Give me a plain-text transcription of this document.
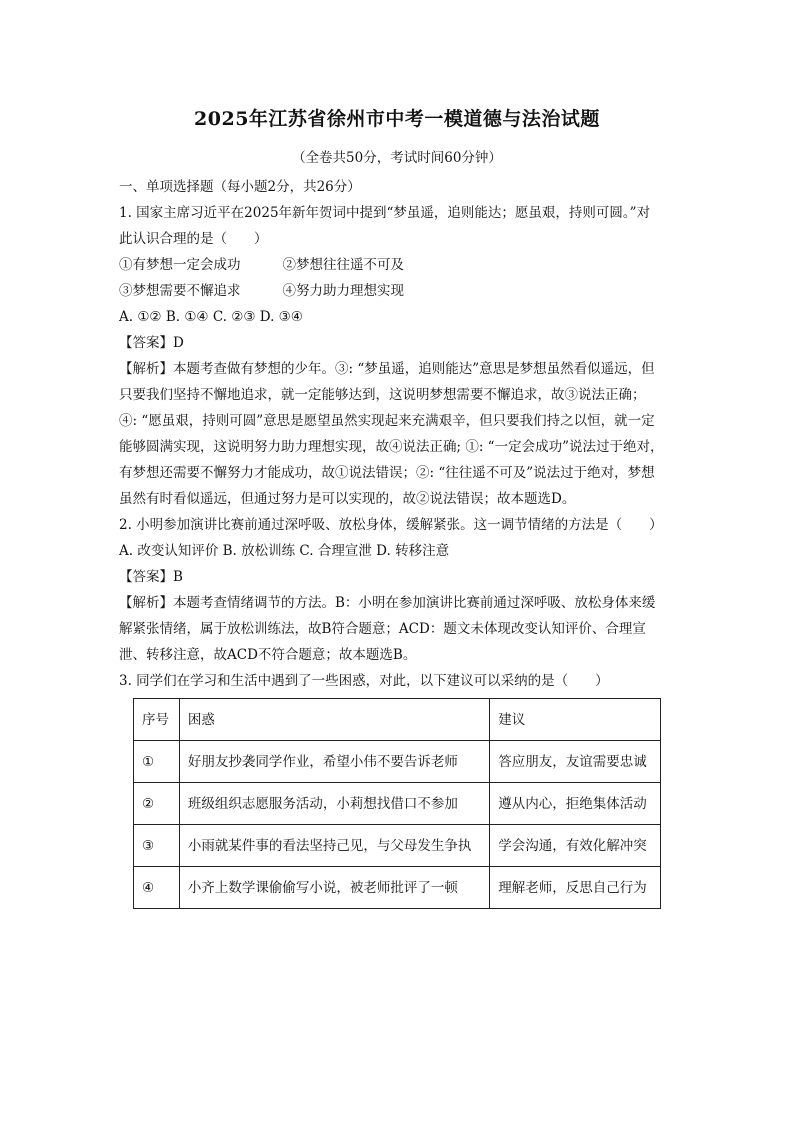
2025年江苏省徐州市中考一模道德与法治试题
（全卷共50分，考试时间60分钟）

一、单项选择题（每小题2分，共26分）

1. 国家主席习近平在2025年新年贺词中提到“梦虽遥，追则能达；愿虽艰，持则可圆。”对

此认识合理的是（　　）

①有梦想一定会成功	②梦想往往遥不可及
③梦想需要不懈追求	④努力助力理想实现

A. ①② B. ①④ C. ②③ D. ③④

【答案】D

【解析】本题考查做有梦想的少年。③: “梦虽遥，追则能达”意思是梦想虽然看似遥远，但

只要我们坚持不懈地追求，就一定能够达到，这说明梦想需要不懈追求，故③说法正确；

④: “愿虽艰，持则可圆”意思是愿望虽然实现起来充满艰辛，但只要我们持之以恒，就一定

能够圆满实现，这说明努力助力理想实现，故④说法正确; ①: “一定会成功”说法过于绝对，

有梦想还需要不懈努力才能成功，故①说法错误；②: “往往遥不可及”说法过于绝对，梦想

虽然有时看似遥远，但通过努力是可以实现的，故②说法错误；故本题选D。

2. 小明参加演讲比赛前通过深呼吸、放松身体，缓解紧张。这一调节情绪的方法是（　　）

A. 改变认知评价 B. 放松训练 C. 合理宣泄 D. 转移注意

【答案】B

【解析】本题考查情绪调节的方法。B：小明在参加演讲比赛前通过深呼吸、放松身体来缓

解紧张情绪，属于放松训练法，故B符合题意；ACD：题文未体现改变认知评价、合理宣

泄、转移注意，故ACD不符合题意；故本题选B。

3. 同学们在学习和生活中遇到了一些困惑，对此，以下建议可以采纳的是（　　）

序号	困惑	建议
①	好朋友抄袭同学作业，希望小伟不要告诉老师	答应朋友，友谊需要忠诚
②	班级组织志愿服务活动，小莉想找借口不参加	遵从内心，拒绝集体活动
③	小雨就某件事的看法坚持己见，与父母发生争执	学会沟通，有效化解冲突
④	小齐上数学课偷偷写小说，被老师批评了一顿	理解老师，反思自己行为
